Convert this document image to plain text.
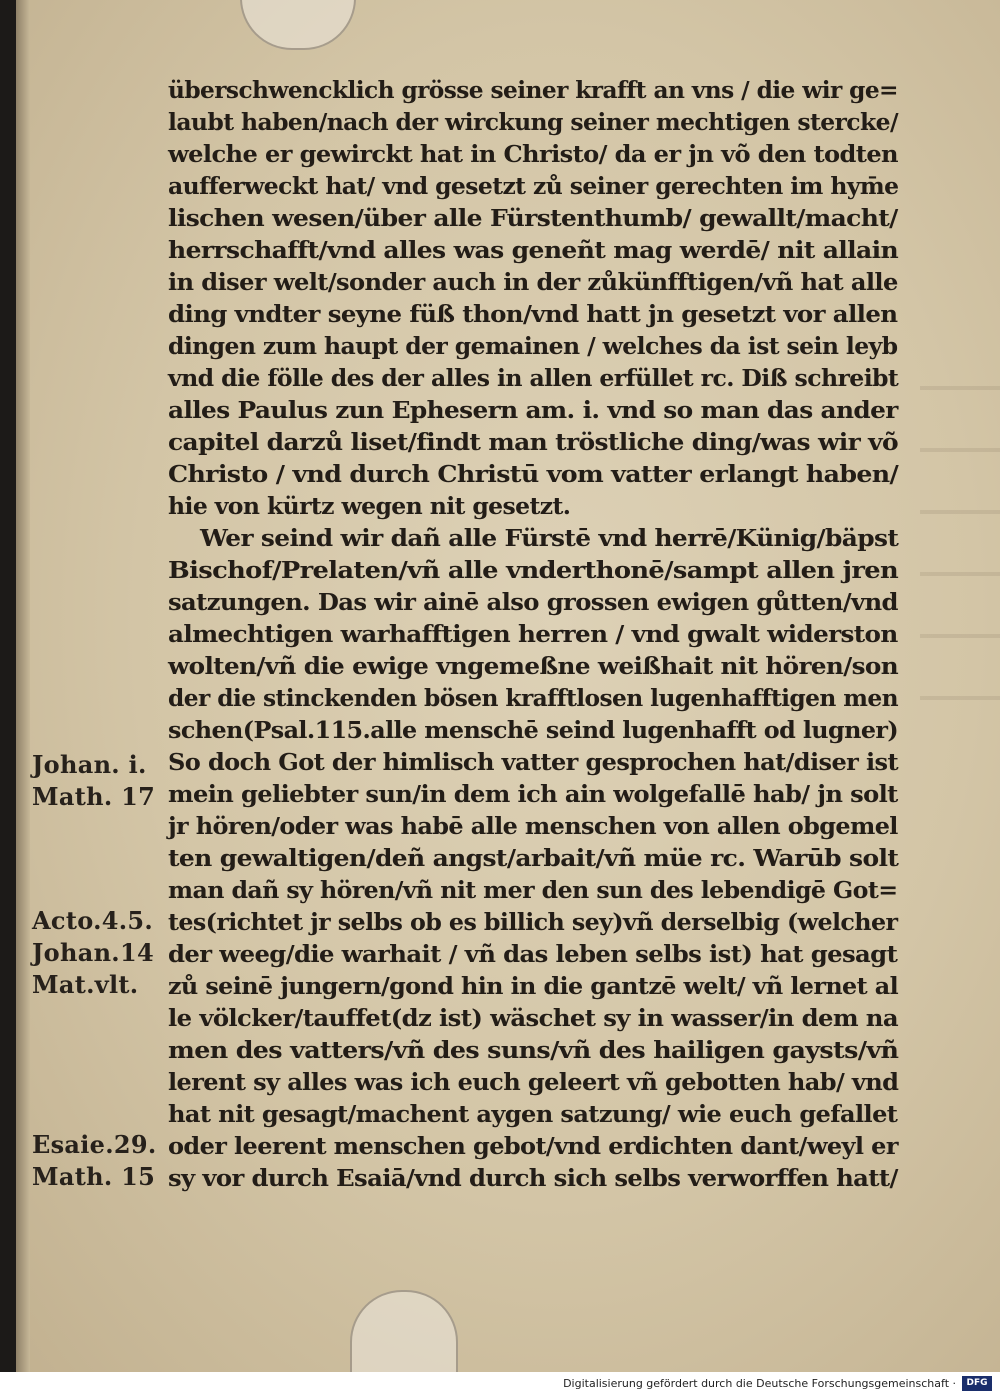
überschwencklich grösse seiner krafft an vns / die wir ge=

laubt haben/nach der wirckung seiner mechtigen stercke/

welche er gewirckt hat in Christo/ da er jn võ den todten

aufferweckt hat/ vnd gesetzt zů seiner gerechten im hym̄e

lischen wesen/über alle Fürstenthumb/ gewallt/macht/

herrschafft/vnd alles was geneñt mag werdē/ nit allain

in diser welt/sonder auch in der zůkünfftigen/vñ hat alle

ding vndter seyne füß thon/vnd hatt jn gesetzt vor allen

dingen zum haupt der gemainen / welches da ist sein leyb

vnd die fölle des der alles in allen erfüllet rc. Diß schreibt

alles Paulus zun Ephesern am. i. vnd so man das ander

capitel darzů liset/findt man tröstliche ding/was wir võ

Christo / vnd durch Christū vom vatter erlangt haben/

hie von kürtz wegen nit gesetzt.

Wer seind wir dañ alle Fürstē vnd herrē/Künig/bäpst

Bischof/Prelaten/vñ alle vnderthonē/sampt allen jren

satzungen. Das wir ainē also grossen ewigen gůtten/vnd

almechtigen warhafftigen herren / vnd gwalt widerston

wolten/vñ die ewige vngemeßne weißhait nit hören/son

der die stinckenden bösen krafftlosen lugenhafftigen men

schen(Psal.115.alle menschē seind lugenhafft od lugner)

So doch Got der himlisch vatter gesprochen hat/diser ist

mein geliebter sun/in dem ich ain wolgefallē hab/ jn solt

jr hören/oder was habē alle menschen von allen obgemel

ten gewaltigen/deñ angst/arbait/vñ müe rc. Warūb solt

man dañ sy hören/vñ nit mer den sun des lebendigē Got=

tes(richtet jr selbs ob es billich sey)vñ derselbig (welcher

der weeg/die warhait / vñ das leben selbs ist) hat gesagt

zů seinē jungern/gond hin in die gantzē welt/ vñ lernet al

le völcker/tauffet(dz ist) wäschet sy in wasser/in dem na

men des vatters/vñ des suns/vñ des hailigen gaysts/vñ

lerent sy alles was ich euch geleert vñ gebotten hab/ vnd

hat nit gesagt/machent aygen satzung/ wie euch gefallet

oder leerent menschen gebot/vnd erdichten dant/weyl er

sy vor durch Esaiā/vnd durch sich selbs verworffen hatt/

Johan. i.

Math. 17

Acto.4.5.

Johan.14

Mat.vlt.

Esaie.29.

Math. 15

Digitalisierung gefördert durch die Deutsche Forschungsgemeinschaft ·	DFG
